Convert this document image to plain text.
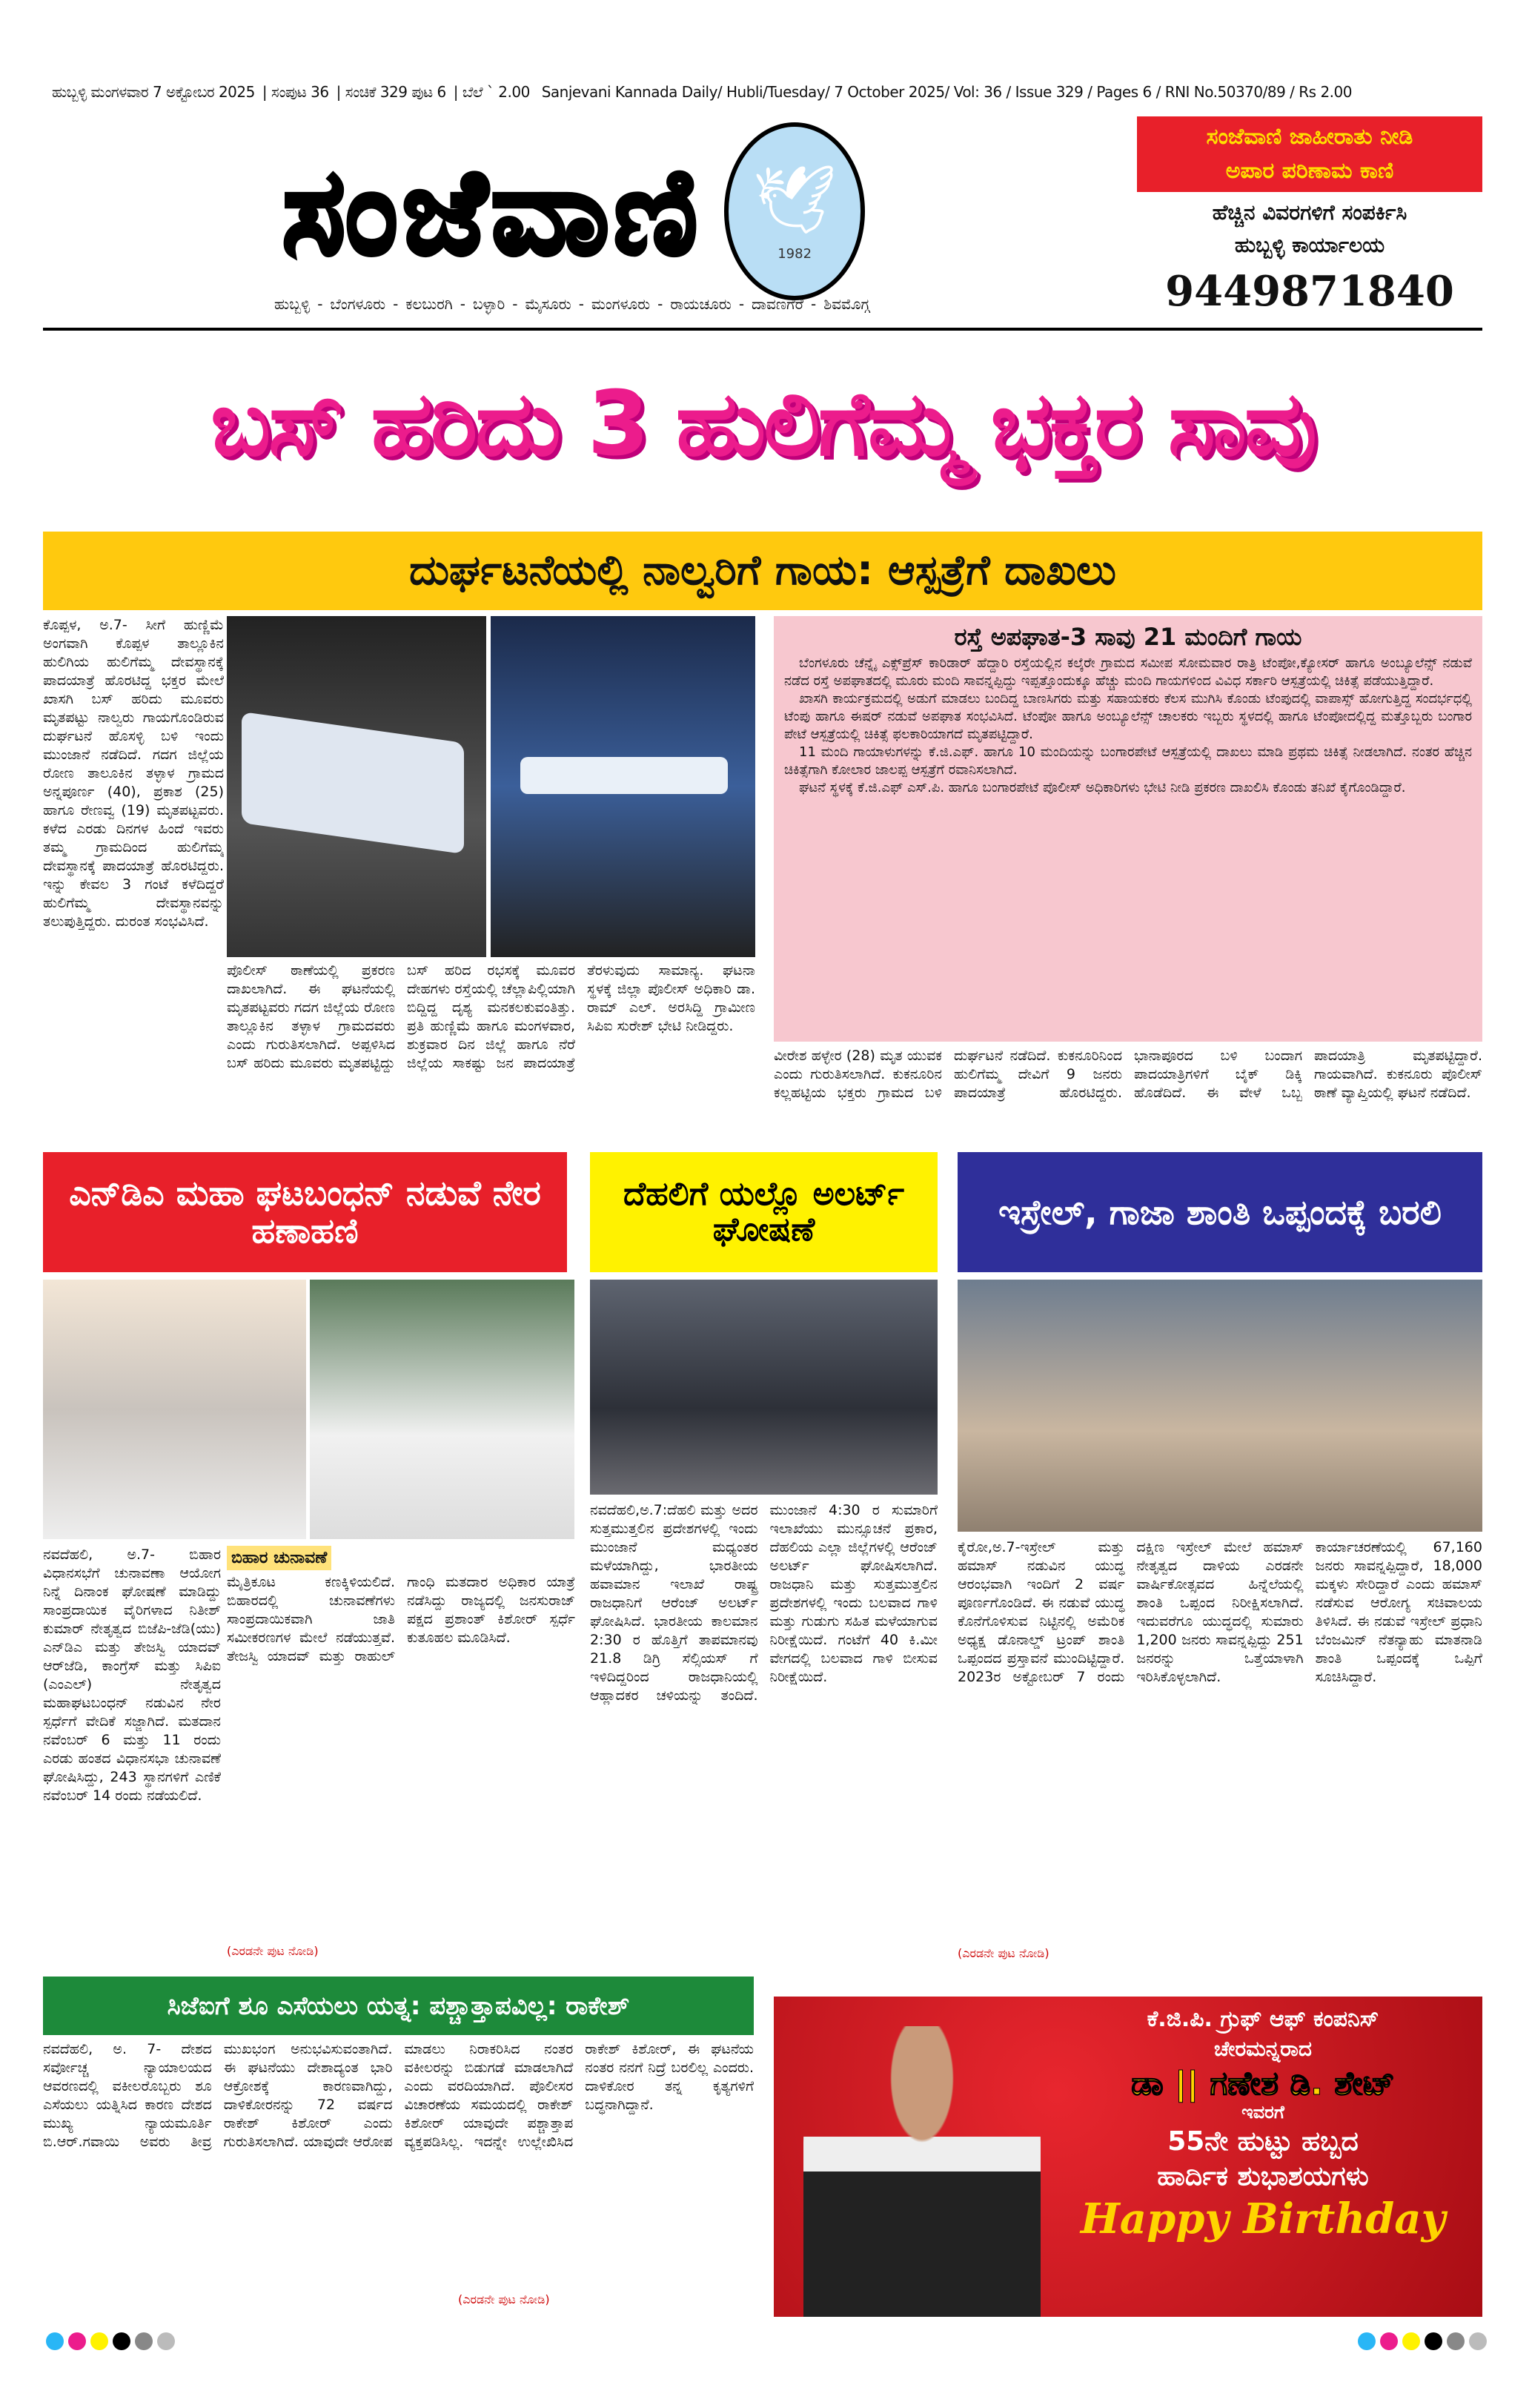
ಹುಬ್ಬಳ್ಳಿ ಮಂಗಳವಾರ 7 ಅಕ್ಟೋಬರ 2025 | ಸಂಪುಟ 36 | ಸಂಚಿಕೆ 329 ಪುಟ 6 | ಬೆಲೆ ` 2.00 Sanjevani Kannada Daily/ Hubli/Tuesday/ 7 October 2025/ Vol: 36 / Issue 329 / Pages 6 / RNI No.50370/89 / Rs 2.00
ಸಂಜೆವಾಣಿ 🕊
1982
ಹುಬ್ಬಳ್ಳಿ - ಬೆಂಗಳೂರು - ಕಲಬುರಗಿ - ಬಳ್ಳಾರಿ - ಮೈಸೂರು - ಮಂಗಳೂರು - ರಾಯಚೂರು - ದಾವಣಗೆರೆ - ಶಿವಮೊಗ್ಗ
ಸಂಜೆವಾಣಿ ಜಾಹೀರಾತು ನೀಡಿ
ಅಪಾರ ಪರಿಣಾಮ ಕಾಣಿ
ಹೆಚ್ಚಿನ ವಿವರಗಳಿಗೆ ಸಂಪರ್ಕಿಸಿ
ಹುಬ್ಬಳ್ಳಿ ಕಾರ್ಯಾಲಯ
9449871840
ಬಸ್ ಹರಿದು 3 ಹುಲಿಗೆಮ್ಮ ಭಕ್ತರ ಸಾವು
ದುರ್ಘಟನೆಯಲ್ಲಿ ನಾಲ್ವರಿಗೆ ಗಾಯ: ಆಸ್ಪತ್ರೆಗೆ ದಾಖಲು
ಕೊಪ್ಪಳ, ಅ.7- ಸೀಗೆ ಹುಣ್ಣಿಮೆ ಅಂಗವಾಗಿ ಕೊಪ್ಪಳ ತಾಲ್ಲೂಕಿನ ಹುಲಿಗಿಯ ಹುಲಿಗೆಮ್ಮ ದೇವಸ್ಥಾನಕ್ಕೆ ಪಾದಯಾತ್ರೆ ಹೊರಟಿದ್ದ ಭಕ್ತರ ಮೇಲೆ ಖಾಸಗಿ ಬಸ್ ಹರಿದು ಮೂವರು ಮೃತಪಟ್ಟು ನಾಲ್ವರು ಗಾಯಗೊಂಡಿರುವ ದುರ್ಘಟನೆ ಹೊಸಳ್ಳಿ ಬಳಿ ಇಂದು ಮುಂಜಾನೆ ನಡೆದಿದೆ. ಗದಗ ಜಿಲ್ಲೆಯ ರೋಣ ತಾಲೂಕಿನ ತಳ್ಳಾಳ ಗ್ರಾಮದ ಅನ್ನಪೂರ್ಣ (40), ಪ್ರಕಾಶ (25) ಹಾಗೂ ರೇಣವ್ವ (19) ಮೃತಪಟ್ಟವರು. ಕಳೆದ ಎರಡು ದಿನಗಳ ಹಿಂದೆ ಇವರು ತಮ್ಮ ಗ್ರಾಮದಿಂದ ಹುಲಿಗೆಮ್ಮ ದೇವಸ್ಥಾನಕ್ಕೆ ಪಾದಯಾತ್ರೆ ಹೊರಟಿದ್ದರು. ಇನ್ನು ಕೇವಲ 3 ಗಂಟೆ ಕಳೆದಿದ್ದರೆ ಹುಲಿಗೆಮ್ಮ ದೇವಸ್ಥಾನವನ್ನು ತಲುಪುತ್ತಿದ್ದರು. ದುರಂತ ಸಂಭವಿಸಿದೆ.
ಪೊಲೀಸ್ ಠಾಣೆಯಲ್ಲಿ ಪ್ರಕರಣ ದಾಖಲಾಗಿದೆ. ಈ ಘಟನೆಯಲ್ಲಿ ಮೃತಪಟ್ಟವರು ಗದಗ ಜಿಲ್ಲೆಯ ರೋಣ ತಾಲ್ಲೂಕಿನ ತಳ್ಳಾಳ ಗ್ರಾಮದವರು ಎಂದು ಗುರುತಿಸಲಾಗಿದೆ. ಅಪ್ಪಳಿಸಿದ ಬಸ್ ಹರಿದು ಮೂವರು ಮೃತಪಟ್ಟಿದ್ದು ಬಸ್ ಹರಿದ ರಭಸಕ್ಕೆ ಮೂವರ ದೇಹಗಳು ರಸ್ತೆಯಲ್ಲಿ ಚೆಲ್ಲಾಪಿಲ್ಲಿಯಾಗಿ ಬಿದ್ದಿದ್ದ ದೃಶ್ಯ ಮನಕಲಕುವಂತಿತ್ತು. ಪ್ರತಿ ಹುಣ್ಣಿಮೆ ಹಾಗೂ ಮಂಗಳವಾರ, ಶುಕ್ರವಾರ ದಿನ ಜಿಲ್ಲೆ ಹಾಗೂ ನೆರೆ ಜಿಲ್ಲೆಯ ಸಾಕಷ್ಟು ಜನ ಪಾದಯಾತ್ರೆ ತೆರಳುವುದು ಸಾಮಾನ್ಯ. ಘಟನಾ ಸ್ಥಳಕ್ಕೆ ಜಿಲ್ಲಾ ಪೊಲೀಸ್ ಅಧಿಕಾರಿ ಡಾ. ರಾಮ್ ಎಲ್. ಅರಸಿದ್ದಿ ಗ್ರಾಮೀಣ ಸಿಪಿಐ ಸುರೇಶ್ ಭೇಟಿ ನೀಡಿದ್ದರು.
ರಸ್ತೆ ಅಪಘಾತ-3 ಸಾವು 21 ಮಂದಿಗೆ ಗಾಯ

ಬೆಂಗಳೂರು ಚೆನ್ನೈ ಎಕ್ಸ್‌ಪ್ರೆಸ್ ಕಾರಿಡಾರ್ ಹೆದ್ದಾರಿ ರಸ್ತೆಯಲ್ಲಿನ ಕಲ್ಕೆರೇ ಗ್ರಾಮದ ಸಮೀಪ ಸೋಮವಾರ ರಾತ್ರಿ ಟೆಂಪೋ,ಕ್ಯೋಸರ್ ಹಾಗೂ ಅಂಬ್ಯೂಲೆನ್ಸ್ ನಡುವೆ ನಡೆದ ರಸ್ತೆ ಅಪಘಾತದಲ್ಲಿ ಮೂರು ಮಂದಿ ಸಾವನ್ನಪ್ಪಿದ್ದು ಇಪ್ಪತ್ತೊಂದುಕ್ಕೂ ಹೆಚ್ಚು ಮಂದಿ ಗಾಯಗಳಿಂದ ವಿವಿಧ ಸರ್ಕಾರಿ ಆಸ್ಪತ್ರೆಯಲ್ಲಿ ಚಿಕಿತ್ಸೆ ಪಡೆಯುತ್ತಿದ್ದಾರೆ.

ಖಾಸಗಿ ಕಾರ್ಯಕ್ರಮದಲ್ಲಿ ಅಡುಗೆ ಮಾಡಲು ಬಂದಿದ್ದ ಬಾಣಸಿಗರು ಮತ್ತು ಸಹಾಯಕರು ಕೆಲಸ ಮುಗಿಸಿ ಕೊಂಡು ಟೆಂಪುದಲ್ಲಿ ವಾಪಾಸ್ಸ್ ಹೋಗುತ್ತಿದ್ದ ಸಂದರ್ಭಧಲ್ಲಿ ಟೆಂಪು ಹಾಗೂ ಈಷರ್ ನಡುವೆ ಅಪಘಾತ ಸಂಭವಿಸಿದೆ. ಟೆಂಪೋ ಹಾಗೂ ಅಂಬ್ಯೂಲೆನ್ಸ್ ಚಾಲಕರು ಇಬ್ಬರು ಸ್ಥಳದಲ್ಲಿ ಹಾಗೂ ಟೆಂಪೋದಲ್ಲಿದ್ದ ಮತ್ತೊಬ್ಬರು ಬಂಗಾರ ಪೇಟೆ ಆಸ್ಪತ್ರೆಯಲ್ಲಿ ಚಿಕಿತ್ಸೆ ಫಲಕಾರಿಯಾಗದೆ ಮೃತಪಟ್ಟಿದ್ದಾರೆ.

11 ಮಂದಿ ಗಾಯಾಳುಗಳನ್ನು ಕೆ.ಜಿ.ಎಫ್. ಹಾಗೂ 10 ಮಂದಿಯನ್ನು ಬಂಗಾರಪೇಟೆ ಆಸ್ಪತ್ರೆಯಲ್ಲಿ ದಾಖಲು ಮಾಡಿ ಪ್ರಥಮ ಚಿಕಿತ್ಸೆ ನೀಡಲಾಗಿದೆ. ನಂತರ ಹೆಚ್ಚಿನ ಚಿಕಿತ್ಸೆಗಾಗಿ ಕೋಲಾರ ಜಾಲಪ್ಪ ಆಸ್ಪತ್ರೆಗೆ ರವಾನಿಸಲಾಗಿದೆ.

ಘಟನೆ ಸ್ಥಳಕ್ಕೆ ಕೆ.ಜಿ.ಎಫ್ ಎಸ್.ಪಿ. ಹಾಗೂ ಬಂಗಾರಪೇಟೆ ಪೊಲೀಸ್ ಅಧಿಕಾರಿಗಳು ಭೇಟಿ ನೀಡಿ ಪ್ರಕರಣ ದಾಖಲಿಸಿ ಕೊಂಡು ತನಿಖೆ ಕೈಗೊಂಡಿದ್ದಾರೆ.

ವೀರೇಶ ಹಳ್ಳೇರ (28) ಮೃತ ಯುವಕ ಎಂದು ಗುರುತಿಸಲಾಗಿದೆ. ಕುಕನೂರಿನ ಕಲ್ಲಹಟ್ಟಿಯ ಭಕ್ತರು ಗ್ರಾಮದ ಬಳಿ ದುರ್ಘಟನೆ ನಡೆದಿದೆ. ಕುಕನೂರಿನಿಂದ ಹುಲಿಗೆಮ್ಮ ದೇವಿಗೆ 9 ಜನರು ಪಾದಯಾತ್ರೆ ಹೊರಟಿದ್ದರು. ಭಾನಾಪೂರದ ಬಳಿ ಬಂದಾಗ ಪಾದಯಾತ್ರಿಗಳಿಗೆ ಬೈಕ್ ಡಿಕ್ಕಿ ಹೊಡೆದಿದೆ. ಈ ವೇಳೆ ಒಬ್ಬ ಪಾದಯಾತ್ರಿ ಮೃತಪಟ್ಟಿದ್ದಾರೆ. ಗಾಯವಾಗಿದೆ. ಕುಕನೂರು ಪೊಲೀಸ್ ಠಾಣೆ ವ್ಯಾಪ್ತಿಯಲ್ಲಿ ಘಟನೆ ನಡೆದಿದೆ.
ಎನ್‌ಡಿಎ ಮಹಾ ಘಟಬಂಧನ್ ನಡುವೆ ನೇರ ಹಣಾಹಣಿ
ದೆಹಲಿಗೆ ಯಲ್ಲೊ ಅಲರ್ಟ್ ಘೋಷಣೆ	ಇಸ್ರೇಲ್, ಗಾಜಾ ಶಾಂತಿ ಒಪ್ಪಂದಕ್ಕೆ ಬರಲಿ
ನವದೆಹಲಿ, ಅ.7- ಬಿಹಾರ ವಿಧಾನಸಭೆಗೆ ಚುನಾವಣಾ ಆಯೋಗ ನಿನ್ನೆ ದಿನಾಂಕ ಘೋಷಣೆ ಮಾಡಿದ್ದು ಸಾಂಪ್ರದಾಯಿಕ ವೈರಿಗಳಾದ ನಿತೀಶ್ ಕುಮಾರ್ ನೇತೃತ್ವದ ಬಿಜೆಪಿ-ಜೆಡಿ(ಯು) ಎನ್‌ಡಿಎ ಮತ್ತು ತೇಜಸ್ವಿ ಯಾದವ್ ಆರ್‌ಜೆಡಿ, ಕಾಂಗ್ರೆಸ್ ಮತ್ತು ಸಿಪಿಐ (ಎಂಎಲ್) ನೇತೃತ್ವದ ಮಹಾಘಟಬಂಧನ್ ನಡುವಿನ ನೇರ ಸ್ಪರ್ಧೆಗೆ ವೇದಿಕೆ ಸಜ್ಜಾಗಿದೆ. ಮತದಾನ ನವೆಂಬರ್ 6 ಮತ್ತು 11 ರಂದು ಎರಡು ಹಂತದ ವಿಧಾನಸಭಾ ಚುನಾವಣೆ ಘೋಷಿಸಿದ್ದು, 243 ಸ್ಥಾನಗಳಿಗೆ ಎಣಿಕೆ ನವೆಂಬರ್ 14 ರಂದು ನಡೆಯಲಿದೆ.
ಬಿಹಾರ ಚುನಾವಣೆ
ಮೈತ್ರಿಕೂಟ ಕಣಕ್ಕಿಳಿಯಲಿದೆ. ಬಿಹಾರದಲ್ಲಿ ಚುನಾವಣೆಗಳು ಸಾಂಪ್ರದಾಯಿಕವಾಗಿ ಜಾತಿ ಸಮೀಕರಣಗಳ ಮೇಲೆ ನಡೆಯುತ್ತವೆ. ತೇಜಸ್ವಿ ಯಾದವ್ ಮತ್ತು ರಾಹುಲ್ ಗಾಂಧಿ ಮತದಾರ ಅಧಿಕಾರ ಯಾತ್ರೆ ನಡೆಸಿದ್ದು ರಾಜ್ಯದಲ್ಲಿ ಜನಸುರಾಜ್ ಪಕ್ಷದ ಪ್ರಶಾಂತ್ ಕಿಶೋರ್ ಸ್ಪರ್ಧೆ ಕುತೂಹಲ ಮೂಡಿಸಿದೆ.
(ಎರಡನೇ ಪುಟ ನೋಡಿ)
ನವದೆಹಲಿ,ಅ.7:ದೆಹಲಿ ಮತ್ತು ಅದರ ಸುತ್ತಮುತ್ತಲಿನ ಪ್ರದೇಶಗಳಲ್ಲಿ ಇಂದು ಮುಂಜಾನೆ ಮಧ್ಯಂತರ ಮಳೆಯಾಗಿದ್ದು, ಭಾರತೀಯ ಹವಾಮಾನ ಇಲಾಖೆ ರಾಷ್ಟ್ರ ರಾಜಧಾನಿಗೆ ಆರೆಂಜ್ ಅಲರ್ಟ್ ಘೋಷಿಸಿದೆ. ಭಾರತೀಯ ಕಾಲಮಾನ 2:30 ರ ಹೊತ್ತಿಗೆ ತಾಪಮಾನವು 21.8 ಡಿಗ್ರಿ ಸೆಲ್ಸಿಯಸ್ ಗೆ ಇಳಿದಿದ್ದರಿಂದ ರಾಜಧಾನಿಯಲ್ಲಿ ಆಹ್ಲಾದಕರ ಚಳಿಯನ್ನು ತಂದಿದೆ. ಮುಂಜಾನೆ 4:30 ರ ಸುಮಾರಿಗೆ ಇಲಾಖೆಯು ಮುನ್ಸೂಚನೆ ಪ್ರಕಾರ, ದೆಹಲಿಯ ಎಲ್ಲಾ ಜಿಲ್ಲೆಗಳಲ್ಲಿ ಆರೆಂಜ್ ಅಲರ್ಟ್ ಘೋಷಿಸಲಾಗಿದೆ. ರಾಜಧಾನಿ ಮತ್ತು ಸುತ್ತಮುತ್ತಲಿನ ಪ್ರದೇಶಗಳಲ್ಲಿ ಇಂದು ಬಲವಾದ ಗಾಳಿ ಮತ್ತು ಗುಡುಗು ಸಹಿತ ಮಳೆಯಾಗುವ ನಿರೀಕ್ಷೆಯಿದೆ. ಗಂಟೆಗೆ 40 ಕಿ.ಮೀ ವೇಗದಲ್ಲಿ ಬಲವಾದ ಗಾಳಿ ಬೀಸುವ ನಿರೀಕ್ಷೆಯಿದೆ.
ಕೈರೋ,ಅ.7-ಇಸ್ರೇಲ್ ಮತ್ತು ಹಮಾಸ್ ನಡುವಿನ ಯುದ್ಧ ಆರಂಭವಾಗಿ ಇಂದಿಗೆ 2 ವರ್ಷ ಪೂರ್ಣಗೊಂಡಿದೆ. ಈ ನಡುವೆ ಯುದ್ಧ ಕೊನೆಗೊಳಿಸುವ ನಿಟ್ಟಿನಲ್ಲಿ ಅಮೆರಿಕ ಅಧ್ಯಕ್ಷ ಡೊನಾಲ್ಡ್ ಟ್ರಂಪ್ ಶಾಂತಿ ಒಪ್ಪಂದದ ಪ್ರಸ್ತಾವನೆ ಮುಂದಿಟ್ಟಿದ್ದಾರೆ. 2023ರ ಅಕ್ಟೋಬರ್ 7 ರಂದು ದಕ್ಷಿಣ ಇಸ್ರೇಲ್ ಮೇಲೆ ಹಮಾಸ್ ನೇತೃತ್ವದ ದಾಳಿಯ ಎರಡನೇ ವಾರ್ಷಿಕೋತ್ಸವದ ಹಿನ್ನೆಲೆಯಲ್ಲಿ ಶಾಂತಿ ಒಪ್ಪಂದ ನಿರೀಕ್ಷಿಸಲಾಗಿದೆ. ಇದುವರೆಗೂ ಯುದ್ಧದಲ್ಲಿ ಸುಮಾರು 1,200 ಜನರು ಸಾವನ್ನಪ್ಪಿದ್ದು 251 ಜನರನ್ನು ಒತ್ತೆಯಾಳಾಗಿ ಇರಿಸಿಕೊಳ್ಳಲಾಗಿದೆ. ಕಾರ್ಯಾಚರಣೆಯಲ್ಲಿ 67,160 ಜನರು ಸಾವನ್ನಪ್ಪಿದ್ದಾರೆ, 18,000 ಮಕ್ಕಳು ಸೇರಿದ್ದಾರೆ ಎಂದು ಹಮಾಸ್ ನಡೆಸುವ ಆರೋಗ್ಯ ಸಚಿವಾಲಯ ತಿಳಿಸಿದೆ. ಈ ನಡುವೆ ಇಸ್ರೇಲ್ ಪ್ರಧಾನಿ ಬೆಂಜಮಿನ್ ನೆತನ್ಯಾಹು ಮಾತನಾಡಿ ಶಾಂತಿ ಒಪ್ಪಂದಕ್ಕೆ ಒಪ್ಪಿಗೆ ಸೂಚಿಸಿದ್ದಾರೆ.
(ಎರಡನೇ ಪುಟ ನೋಡಿ)
ಸಿಜೆಐಗೆ ಶೂ ಎಸೆಯಲು ಯತ್ನ: ಪಶ್ಚಾತ್ತಾಪವಿಲ್ಲ: ರಾಕೇಶ್
ನವದೆಹಲಿ, ಅ. 7- ದೇಶದ ಸರ್ವೋಚ್ಚ ನ್ಯಾಯಾಲಯದ ಆವರಣದಲ್ಲಿ ವಕೀಲರೊಬ್ಬರು ಶೂ ಎಸೆಯಲು ಯತ್ನಿಸಿದ ಕಾರಣ ದೇಶದ ಮುಖ್ಯ ನ್ಯಾಯಮೂರ್ತಿ ಬಿ.ಆರ್.ಗವಾಯಿ ಅವರು ತೀವ್ರ ಮುಖಭಂಗ ಅನುಭವಿಸುವಂತಾಗಿದೆ. ಈ ಘಟನೆಯು ದೇಶಾದ್ಯಂತ ಭಾರಿ ಆಕ್ರೋಶಕ್ಕೆ ಕಾರಣವಾಗಿದ್ದು, ದಾಳಿಕೋರನನ್ನು 72 ವರ್ಷದ ರಾಕೇಶ್ ಕಿಶೋರ್ ಎಂದು ಗುರುತಿಸಲಾಗಿದೆ. ಯಾವುದೇ ಆರೋಪ ಮಾಡಲು ನಿರಾಕರಿಸಿದ ನಂತರ ವಕೀಲರನ್ನು ಬಿಡುಗಡೆ ಮಾಡಲಾಗಿದೆ ಎಂದು ವರದಿಯಾಗಿದೆ. ಪೊಲೀಸರ ವಿಚಾರಣೆಯ ಸಮಯದಲ್ಲಿ ರಾಕೇಶ್ ಕಿಶೋರ್ ಯಾವುದೇ ಪಶ್ಚಾತ್ತಾಪ ವ್ಯಕ್ತಪಡಿಸಿಲ್ಲ. ಇದನ್ನೇ ಉಲ್ಲೇಖಿಸಿದ ರಾಕೇಶ್ ಕಿಶೋರ್, ಈ ಘಟನೆಯ ನಂತರ ನನಗೆ ನಿದ್ರೆ ಬರಲಿಲ್ಲ ಎಂದರು. ದಾಳಿಕೋರ ತನ್ನ ಕೃತ್ಯಗಳಿಗೆ ಬದ್ಧನಾಗಿದ್ದಾನೆ.
(ಎರಡನೇ ಪುಟ ನೋಡಿ)
ಕೆ.ಜಿ.ಪಿ. ಗ್ರುಫ್ ಆಫ್ ಕಂಪನಿಸ್
ಚೇರಮನ್ನರಾದ
ಡಾ || ಗಣೇಶ ಡಿ. ಶೇಟ್
ಇವರಗೆ
55ನೇ ಹುಟ್ಟು ಹಬ್ಬದ
ಹಾರ್ದಿಕ ಶುಭಾಶಯಗಳು
Happy Birthday
